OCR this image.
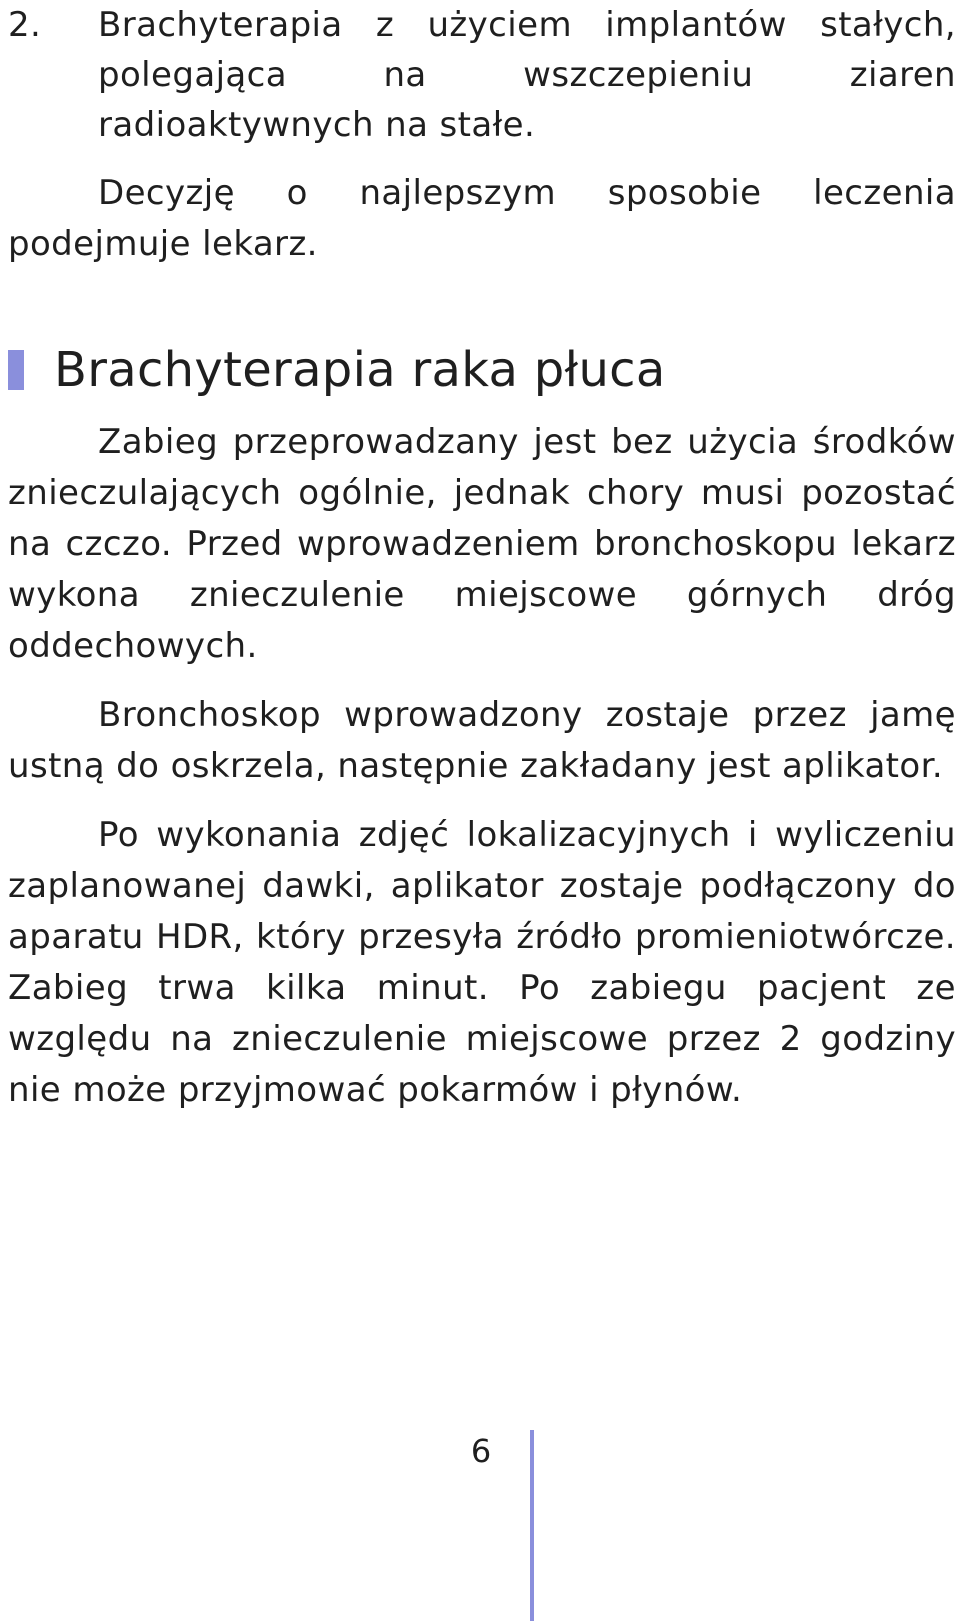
2. Brachyterapia z użyciem implantów stałych, polegająca na wszczepieniu ziaren radioaktywnych na stałe.

Decyzję o najlepszym sposobie leczenia podejmuje lekarz.

Brachyterapia raka płuca

Zabieg przeprowadzany jest bez użycia środków znieczulających ogólnie, jednak chory musi pozostać na czczo. Przed wprowadzeniem bronchoskopu lekarz wykona znieczulenie miejscowe górnych dróg oddechowych.

Bronchoskop wprowadzony zostaje przez jamę ustną do oskrzela, następnie zakładany jest aplikator.

Po wykonania zdjęć lokalizacyjnych i wyliczeniu zaplanowanej dawki, aplikator zostaje podłączony do aparatu HDR, który przesyła źródło promieniotwórcze. Zabieg trwa kilka minut. Po zabiegu pacjent ze względu na znieczulenie miejscowe przez 2 godziny nie może przyjmować pokarmów i płynów.

6
